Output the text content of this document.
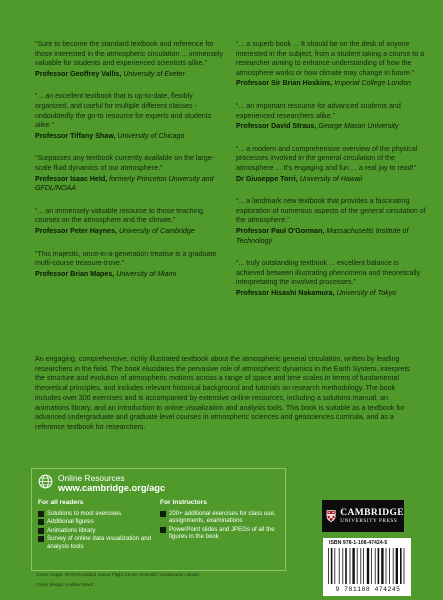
“Sure to become the standard textbook and reference for those interested in the atmospheric circulation ... immensely valuable for students and experienced scientists alike.”

Professor Geoffrey Vallis, University of Exeter

“... an excellent textbook that is up-to-date, flexibly organized, and useful for multiple different classes - undoubtedly the go-to resource for experts and students alike.”

Professor Tiffany Shaw, University of Chicago

“Surpasses any textbook currently available on the large-scale fluid dynamics of our atmosphere.”

Professor Isaac Held, formerly Princeton University and GFDL/NOAA

“... an immensely valuable resource to those teaching courses on the atmosphere and the climate.”

Professor Peter Haynes, University of Cambridge

“This majestic, once-in-a-generation treatise is a graduate multi-course treasure-trove.”

Professor Brian Mapes, University of Miami

“... a superb book ... It should be on the desk of anyone interested in the subject, from a student taking a course to a researcher aiming to enhance understanding of how the atmosphere works or how climate may change in future.”

Professor Sir Brian Hoskins, Imperial College London

“... an important resource for advanced students and experienced researchers alike.”

Professor David Straus, George Mason University

“... a modern and comprehensive overview of the physical processes involved in the general circulation of the atmosphere ... It's engaging and fun ... a real joy to read!”

Dr Giuseppe Torri, University of Hawaii

“... a landmark new textbook that provides a fascinating exploration of numerous aspects of the general circulation of the atmosphere.”

Professor Paul O'Gorman, Massachusetts Institute of Technology

“... truly outstanding textbook ... excellent balance is achieved between illustrating phenomena and theoretically interpretating the involved processes.”

Professor Hisashi Nakamura, University of Tokyo

An engaging, comprehensive, richly illustrated textbook about the atmospheric general circulation, written by leading researchers in the field. The book elucidates the pervasive role of atmospheric dynamics in the Earth System, interprets the structure and evolution of atmospheric motions across a range of space and time scales in terms of fundamental theoretical principles, and includes relevant historical background and tutorials on research methodology. The book includes over 300 exercises and is accompanied by extensive online resources, including a solutions manual, an animations library, and an introduction to online visualization and analysis tools. This book is suitable as a textbook for advanced undergraduate and graduate level courses in atmospheric sciences and geosciences curricula, and as a reference textbook for researchers.

Online Resources
www.cambridge.org/agc

For all readers

Solutions to most exercises
Additional figures
Animations library
Survey of online data visualization and analysis tools

For instructors

200+ additional exercises for class use, assignments, examinations
PowerPoint slides and JPEGs of all the figures in the book

Cover image: NASA/Goddard Space Flight Center Scientific Visualization Studio

Cover design: Andrew Ward

CAMBRIDGE
UNIVERSITY PRESS
ISBN 978-1-108-47424-5
9 781108 474245
